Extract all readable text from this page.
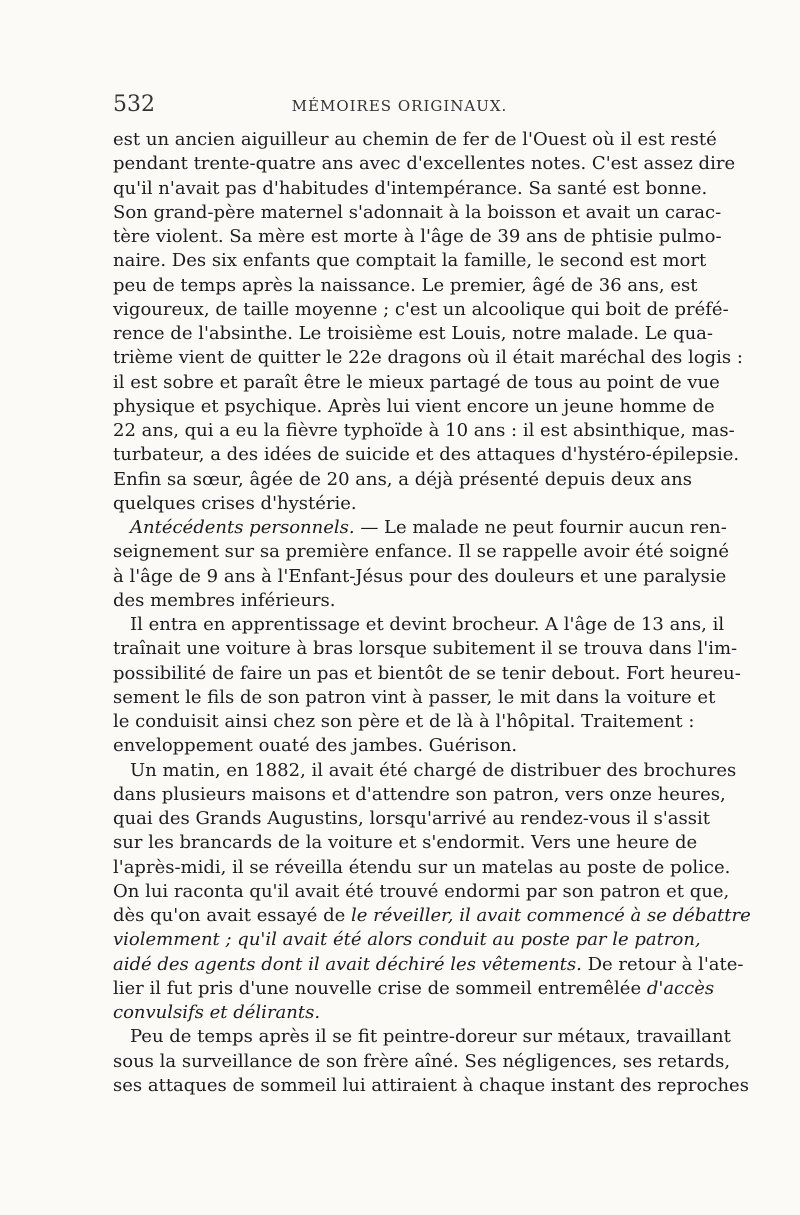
532	MÉMOIRES ORIGINAUX.
est un ancien aiguilleur au chemin de fer de l'Ouest où il est resté
pendant trente-quatre ans avec d'excellentes notes. C'est assez dire
qu'il n'avait pas d'habitudes d'intempérance. Sa santé est bonne.
Son grand-père maternel s'adonnait à la boisson et avait un carac-
tère violent. Sa mère est morte à l'âge de 39 ans de phtisie pulmo-
naire. Des six enfants que comptait la famille, le second est mort
peu de temps après la naissance. Le premier, âgé de 36 ans, est
vigoureux, de taille moyenne ; c'est un alcoolique qui boit de préfé-
rence de l'absinthe. Le troisième est Louis, notre malade. Le qua-
trième vient de quitter le 22e dragons où il était maréchal des logis :
il est sobre et paraît être le mieux partagé de tous au point de vue
physique et psychique. Après lui vient encore un jeune homme de
22 ans, qui a eu la fièvre typhoïde à 10 ans : il est absinthique, mas-
turbateur, a des idées de suicide et des attaques d'hystéro-épilepsie.
Enfin sa sœur, âgée de 20 ans, a déjà présenté depuis deux ans
quelques crises d'hystérie.
Antécédents personnels. — Le malade ne peut fournir aucun ren-
seignement sur sa première enfance. Il se rappelle avoir été soigné
à l'âge de 9 ans à l'Enfant-Jésus pour des douleurs et une paralysie
des membres inférieurs.
Il entra en apprentissage et devint brocheur. A l'âge de 13 ans, il
traînait une voiture à bras lorsque subitement il se trouva dans l'im-
possibilité de faire un pas et bientôt de se tenir debout. Fort heureu-
sement le fils de son patron vint à passer, le mit dans la voiture et
le conduisit ainsi chez son père et de là à l'hôpital. Traitement :
enveloppement ouaté des jambes. Guérison.
Un matin, en 1882, il avait été chargé de distribuer des brochures
dans plusieurs maisons et d'attendre son patron, vers onze heures,
quai des Grands Augustins, lorsqu'arrivé au rendez-vous il s'assit
sur les brancards de la voiture et s'endormit. Vers une heure de
l'après-midi, il se réveilla étendu sur un matelas au poste de police.
On lui raconta qu'il avait été trouvé endormi par son patron et que,
dès qu'on avait essayé de le réveiller, il avait commencé à se débattre
violemment ; qu'il avait été alors conduit au poste par le patron,
aidé des agents dont il avait déchiré les vêtements. De retour à l'ate-
lier il fut pris d'une nouvelle crise de sommeil entremêlée d'accès
convulsifs et délirants.
Peu de temps après il se fit peintre-doreur sur métaux, travaillant
sous la surveillance de son frère aîné. Ses négligences, ses retards,
ses attaques de sommeil lui attiraient à chaque instant des reproches
